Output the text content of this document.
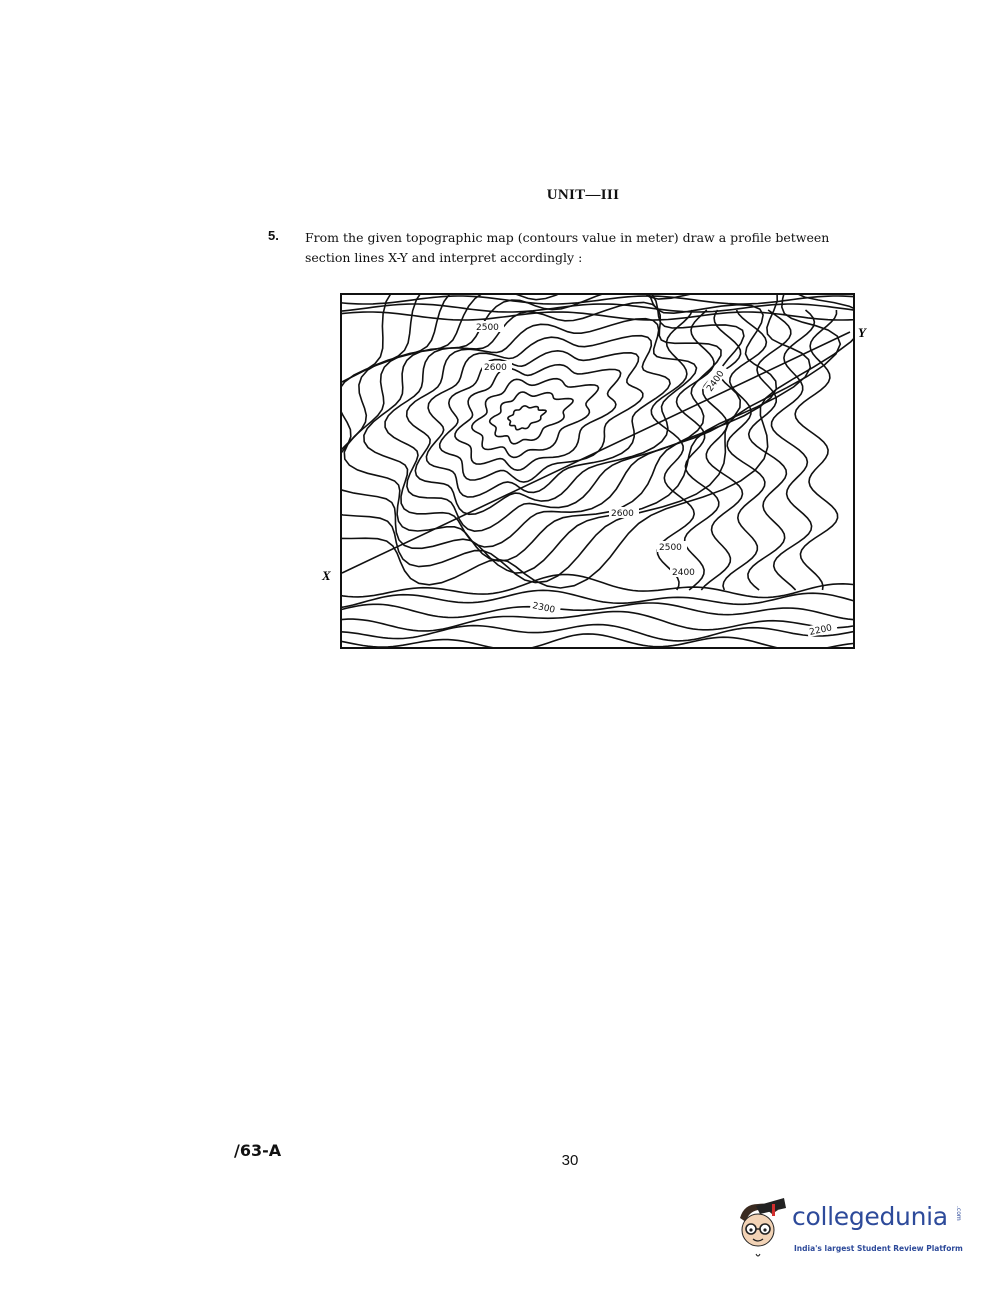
UNIT—III
5. From the given topographic map (contours value in meter) draw a profile between
section lines X-Y and interpret accordingly :
X
Y
2500
2600
2400
2600
2500
2400
2300
2200
/63-A
30
collegedunia .com
India's largest Student Review Platform
